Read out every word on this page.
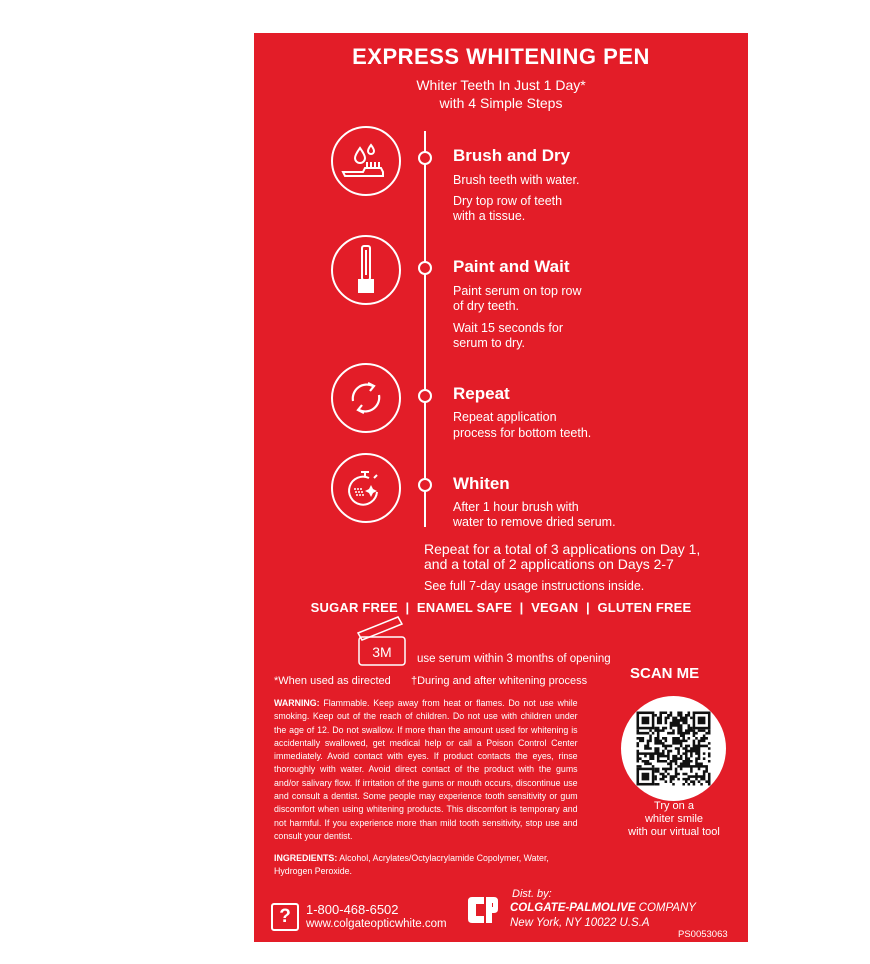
EXPRESS WHITENING PEN
Whiter Teeth In Just 1 Day*
with 4 Simple Steps
Brush and Dry
Brush teeth with water.
Dry top row of teeth
with a tissue.
Paint and Wait
Paint serum on top row
of dry teeth.
Wait 15 seconds for
serum to dry.
Repeat
Repeat application
process for bottom teeth.
Whiten
After 1 hour brush with
water to remove dried serum.
Repeat for a total of 3 applications on Day 1,
and a total of 2 applications on Days 2-7
See full 7-day usage instructions inside.
SUGAR FREE  |  ENAMEL SAFE  |  VEGAN  |  GLUTEN FREE
3M	use serum within 3 months of opening
*When used as directed †During and after whitening process	SCAN ME
Try on a
whiter smile
with our virtual tool
WARNING: Flammable. Keep away from heat or flames. Do not use while smoking. Keep out of the reach of children. Do not use with children under the age of 12. Do not swallow. If more than the amount used for whitening is accidentally swallowed, get medical help or call a Poison Control Center immediately. Avoid contact with eyes. If product contacts the eyes, rinse thoroughly with water. Avoid direct contact of the product with the gums and/or salivary flow. If irritation of the gums or mouth occurs, discontinue use and consult a dentist. Some people may experience tooth sensitivity or gum discomfort when using whitening products. This discomfort is temporary and not harmful. If you experience more than mild tooth sensitivity, stop use and consult your dentist.
INGREDIENTS: Alcohol, Acrylates/Octylacrylamide Copolymer, Water, Hydrogen Peroxide.
?	1-800-468-6502
www.colgateopticwhite.com
Dist. by:
COLGATE-PALMOLIVE COMPANY
New York, NY 10022 U.S.A
PS0053063
